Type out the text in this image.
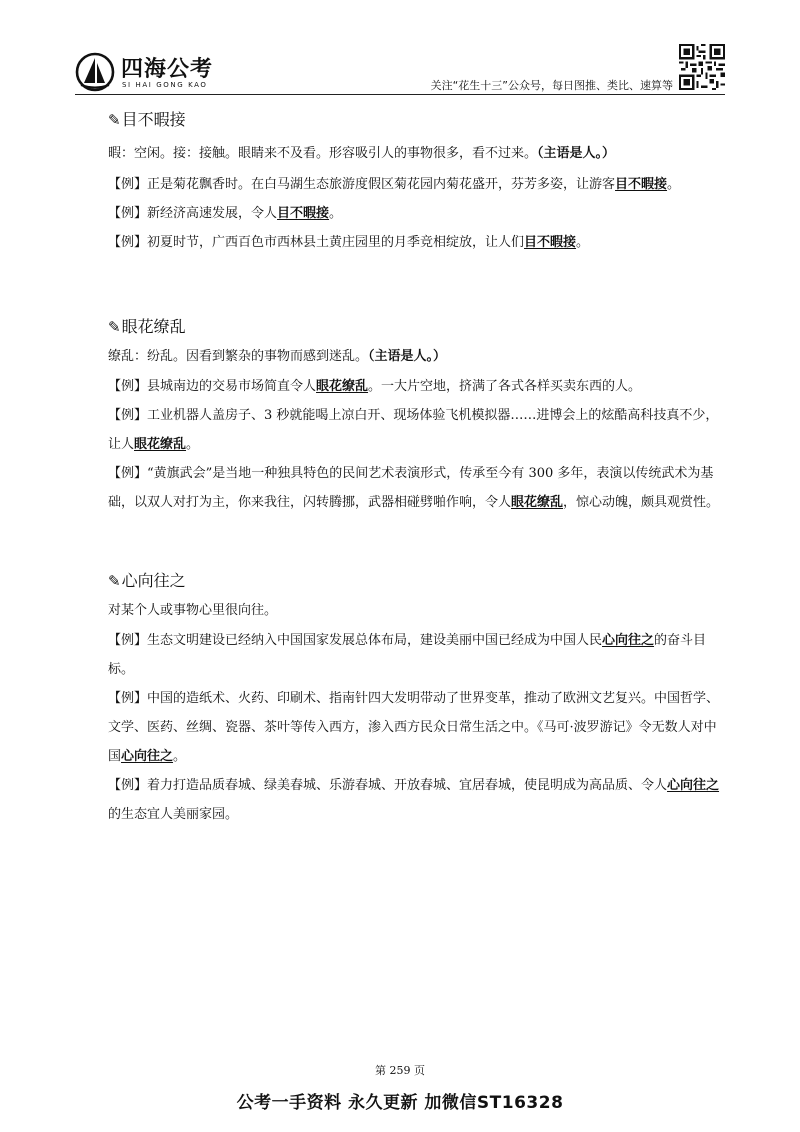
四海公考
SI HAI GONG KAO	关注“花生十三”公众号，每日图推、类比、速算等

✎ 目不暇接

暇：空闲。接：接触。眼睛来不及看。形容吸引人的事物很多，看不过来。（主语是人。）

【例】正是菊花飘香时。在白马湖生态旅游度假区菊花园内菊花盛开，芬芳多姿，让游客目不暇接。

【例】新经济高速发展，令人目不暇接。

【例】初夏时节，广西百色市西林县土黄庄园里的月季竞相绽放，让人们目不暇接。

✎ 眼花缭乱

缭乱：纷乱。因看到繁杂的事物而感到迷乱。（主语是人。）

【例】县城南边的交易市场简直令人眼花缭乱。一大片空地，挤满了各式各样买卖东西的人。

【例】工业机器人盖房子、3 秒就能喝上凉白开、现场体验飞机模拟器……进博会上的炫酷高科技真不少，让人眼花缭乱。

【例】“黄旗武会”是当地一种独具特色的民间艺术表演形式，传承至今有 300 多年，表演以传统武术为基础，以双人对打为主，你来我往，闪转腾挪，武器相碰劈啪作响，令人眼花缭乱，惊心动魄，颇具观赏性。

✎ 心向往之

对某个人或事物心里很向往。

【例】生态文明建设已经纳入中国国家发展总体布局，建设美丽中国已经成为中国人民心向往之的奋斗目标。

【例】中国的造纸术、火药、印刷术、指南针四大发明带动了世界变革，推动了欧洲文艺复兴。中国哲学、文学、医药、丝绸、瓷器、茶叶等传入西方，渗入西方民众日常生活之中。《马可·波罗游记》令无数人对中国心向往之。

【例】着力打造品质春城、绿美春城、乐游春城、开放春城、宜居春城，使昆明成为高品质、令人心向往之的生态宜人美丽家园。

第 259 页
公考一手资料 永久更新 加微信ST16328
